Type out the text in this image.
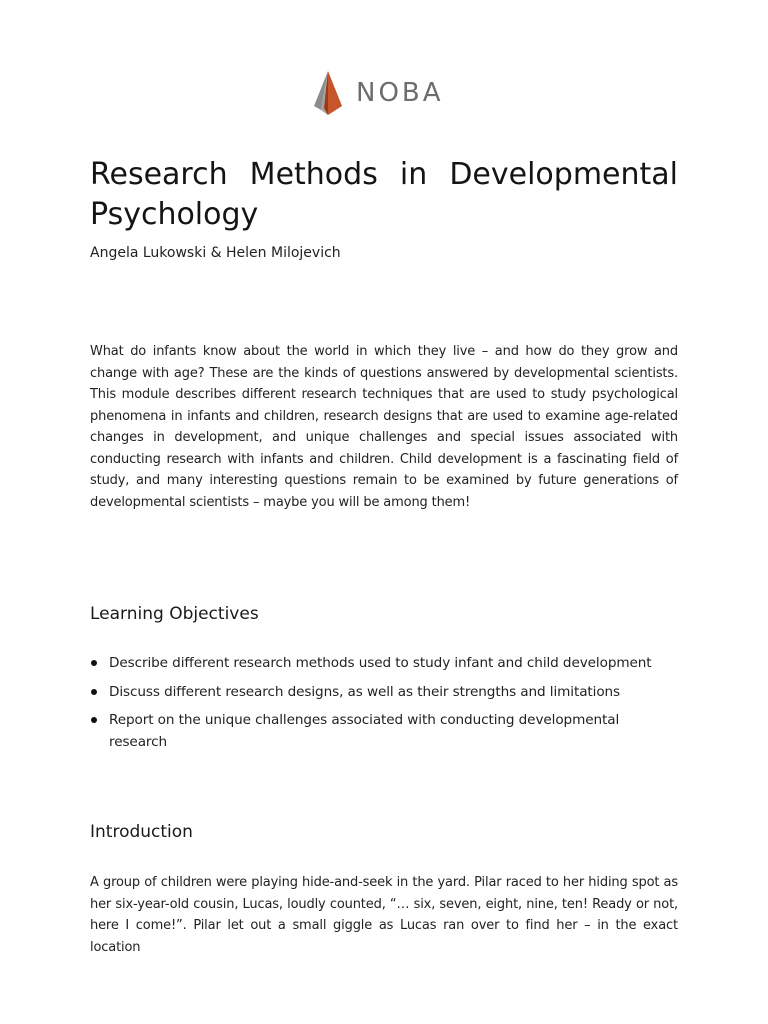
NOBA
Research Methods in Developmental Psychology

Angela Lukowski & Helen Milojevich

What do infants know about the world in which they live – and how do they grow and change with age? These are the kinds of questions answered by developmental scientists. This module describes different research techniques that are used to study psychological phenomena in infants and children, research designs that are used to examine age-related changes in development, and unique challenges and special issues associated with conducting research with infants and children. Child development is a fascinating field of study, and many interesting questions remain to be examined by future generations of developmental scientists – maybe you will be among them!

Learning Objectives
Describe different research methods used to study infant and child development
Discuss different research designs, as well as their strengths and limitations
Report on the unique challenges associated with conducting developmental research
Introduction

A group of children were playing hide-and-seek in the yard. Pilar raced to her hiding spot as her six-year-old cousin, Lucas, loudly counted, “… six, seven, eight, nine, ten! Ready or not, here I come!”. Pilar let out a small giggle as Lucas ran over to find her – in the exact location
